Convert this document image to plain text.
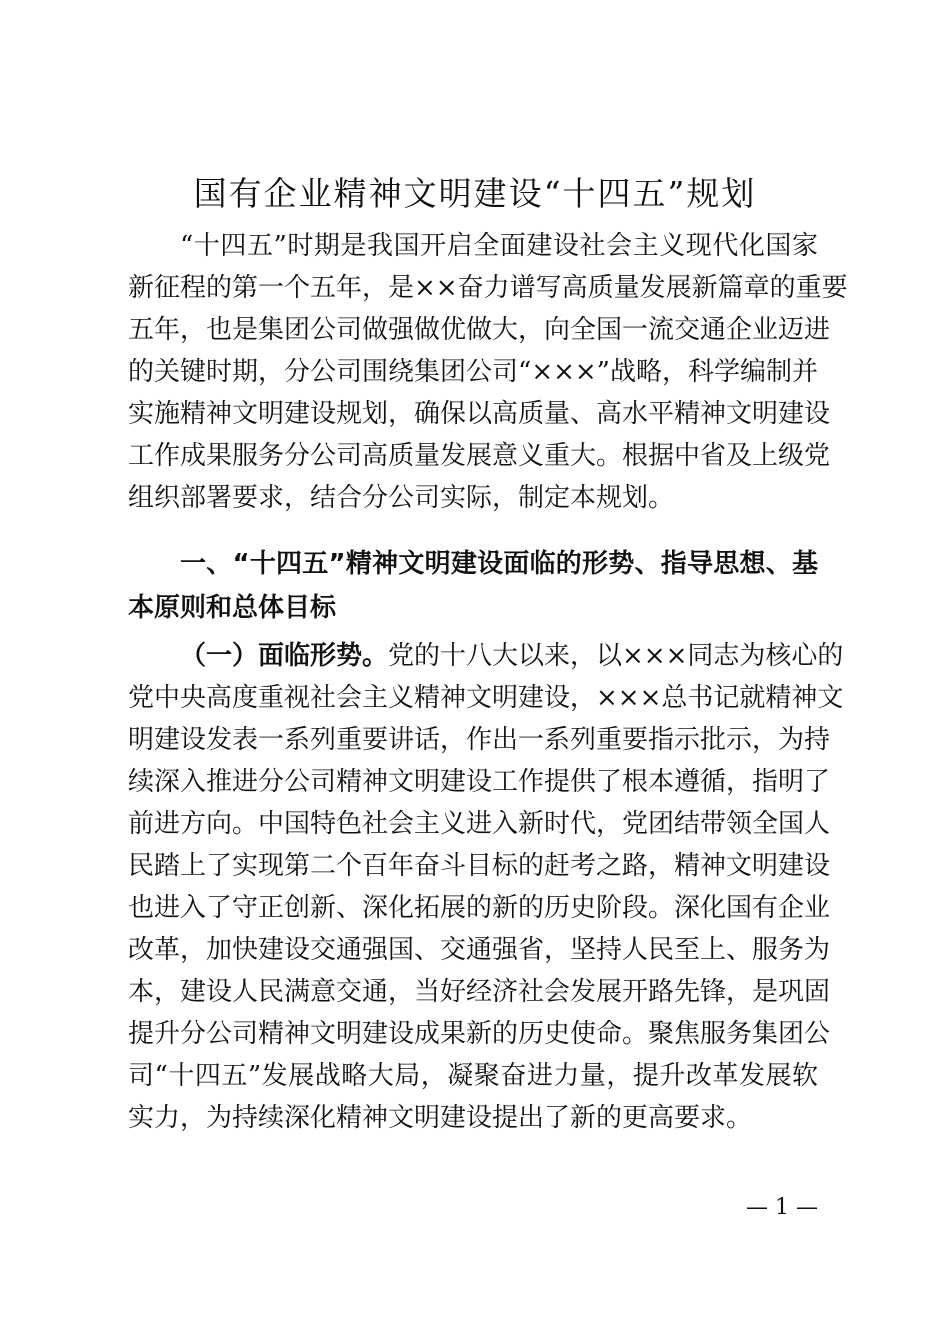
国有企业精神文明建设“十四五”规划
“十四五”时期是我国开启全面建设社会主义现代化国家
新征程的第一个五年，是××奋力谱写高质量发展新篇章的重要
五年，也是集团公司做强做优做大，向全国一流交通企业迈进
的关键时期，分公司围绕集团公司“×××”战略，科学编制并
实施精神文明建设规划，确保以高质量、高水平精神文明建设
工作成果服务分公司高质量发展意义重大。根据中省及上级党
组织部署要求，结合分公司实际，制定本规划。
一、“十四五”精神文明建设面临的形势、指导思想、基
本原则和总体目标
（一）面临形势。党的十八大以来，以×××同志为核心的
党中央高度重视社会主义精神文明建设，×××总书记就精神文
明建设发表一系列重要讲话，作出一系列重要指示批示，为持
续深入推进分公司精神文明建设工作提供了根本遵循，指明了
前进方向。中国特色社会主义进入新时代，党团结带领全国人
民踏上了实现第二个百年奋斗目标的赶考之路，精神文明建设
也进入了守正创新、深化拓展的新的历史阶段。深化国有企业
改革，加快建设交通强国、交通强省，坚持人民至上、服务为
本，建设人民满意交通，当好经济社会发展开路先锋，是巩固
提升分公司精神文明建设成果新的历史使命。聚焦服务集团公
司“十四五”发展战略大局，凝聚奋进力量，提升改革发展软
实力，为持续深化精神文明建设提出了新的更高要求。
— 1 —
